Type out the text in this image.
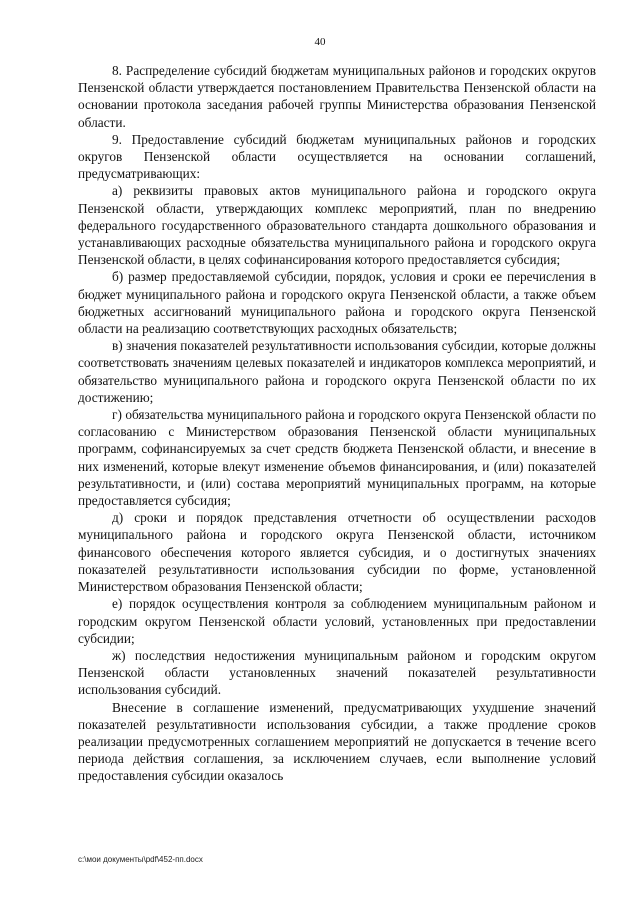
40

8. Распределение субсидий бюджетам муниципальных районов и городских округов Пензенской области утверждается постановлением Правительства Пензенской области на основании протокола заседания рабочей группы Министерства образования Пензенской области.

9. Предоставление субсидий бюджетам муниципальных районов и городских округов Пензенской области осуществляется на основании соглашений, предусматривающих:

а) реквизиты правовых актов муниципального района и городского округа Пензенской области, утверждающих комплекс мероприятий, план по внедрению федерального государственного образовательного стандарта дошкольного образования и устанавливающих расходные обязательства муниципального района и городского округа Пензенской области, в целях софинансирования которого предоставляется субсидия;

б) размер предоставляемой субсидии, порядок, условия и сроки ее перечисления в бюджет муниципального района и городского округа Пензенской области, а также объем бюджетных ассигнований муниципального района и городского округа Пензенской области на реализацию соответствующих расходных обязательств;

в) значения показателей результативности использования субсидии, которые должны соответствовать значениям целевых показателей и индикаторов комплекса мероприятий, и обязательство муниципального района и городского округа Пензенской области по их достижению;

г) обязательства муниципального района и городского округа Пензенской области по согласованию с Министерством образования Пензенской области муниципальных программ, софинансируемых за счет средств бюджета Пензенской области, и внесение в них изменений, которые влекут изменение объемов финансирования, и (или) показателей результативности, и (или) состава мероприятий муниципальных программ, на которые предоставляется субсидия;

д) сроки и порядок представления отчетности об осуществлении расходов муниципального района и городского округа Пензенской области, источником финансового обеспечения которого является субсидия, и о достигнутых значениях показателей результативности использования субсидии по форме, установленной Министерством образования Пензенской области;

е) порядок осуществления контроля за соблюдением муниципальным районом и городским округом Пензенской области условий, установленных при предоставлении субсидии;

ж) последствия недостижения муниципальным районом и городским округом Пензенской области установленных значений показателей результативности использования субсидий.

Внесение в соглашение изменений, предусматривающих ухудшение значений показателей результативности использования субсидии, а также продление сроков реализации предусмотренных соглашением мероприятий не допускается в течение всего периода действия соглашения, за исключением случаев, если выполнение условий предоставления субсидии оказалось

c:\мои документы\pdf\452-пп.docx
